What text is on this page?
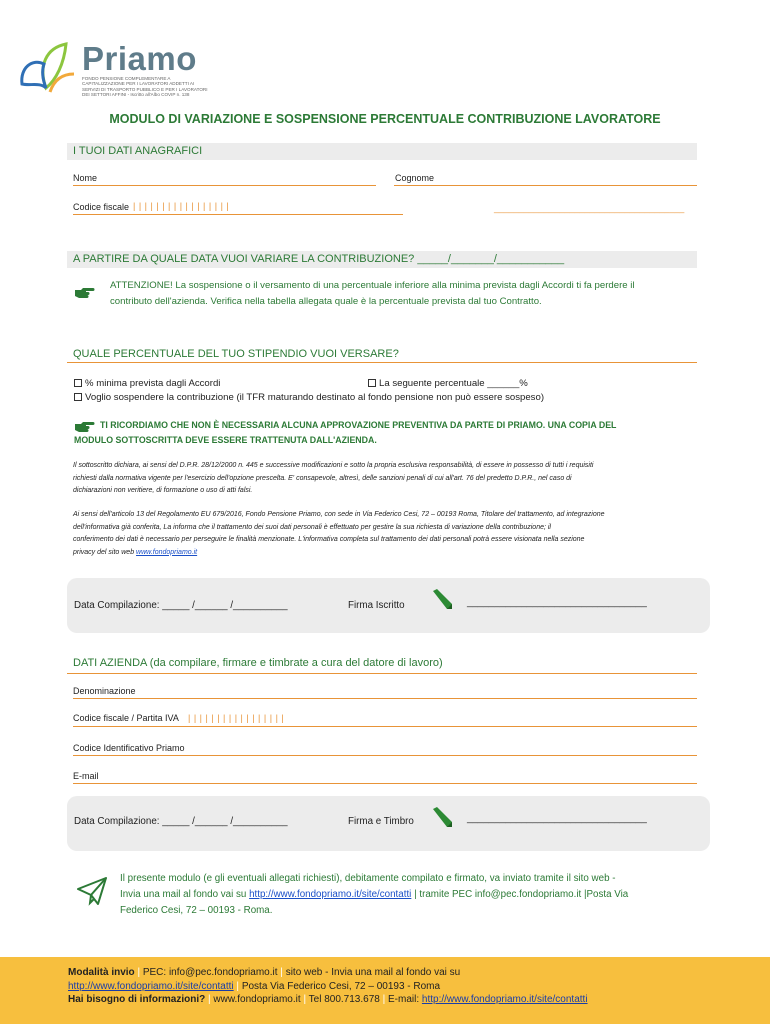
Priamo
FONDO PENSIONE COMPLEMENTARE A CAPITALIZZAZIONE PER I LAVORATORI ADDETTI AI SERVIZI DI TRASPORTO PUBBLICO E PER I LAVORATORI DEI SETTORI AFFINI - Iscritto all'Albo COVIP n. 138
MODULO DI VARIAZIONE E SOSPENSIONE PERCENTUALE CONTRIBUZIONE LAVORATORE
I TUOI DATI ANAGRAFICI
Nome	Cognome
Codice fiscale | | | | | | | | | | | | | | | | |	______________________________________
A PARTIRE DA QUALE DATA VUOI VARIARE LA CONTRIBUZIONE? _____/_______/___________
ATTENZIONE! La sospensione o il versamento di una percentuale inferiore alla minima prevista dagli Accordi ti fa perdere il
contributo dell'azienda. Verifica nella tabella allegata quale è la percentuale prevista dal tuo Contratto.
QUALE PERCENTUALE DEL TUO STIPENDIO VUOI VERSARE?
% minima prevista dagli Accordi	La seguente percentuale ______%
Voglio sospendere la contribuzione (il TFR maturando destinato al fondo pensione non può essere sospeso)
TI RICORDIAMO CHE NON È NECESSARIA ALCUNA APPROVAZIONE PREVENTIVA DA PARTE DI PRIAMO. UNA COPIA DEL
MODULO SOTTOSCRITTA DEVE ESSERE TRATTENUTA DALL'AZIENDA.
Il sottoscritto dichiara, ai sensi del D.P.R. 28/12/2000 n. 445 e successive modificazioni e sotto la propria esclusiva responsabilità, di essere in possesso di tutti i requisiti
richiesti dalla normativa vigente per l'esercizio dell'opzione prescelta. E' consapevole, altresì, delle sanzioni penali di cui all'art. 76 del predetto D.P.R., nel caso di
dichiarazioni non veritiere, di formazione o uso di atti falsi.
Ai sensi dell'articolo 13 del Regolamento EU 679/2016, Fondo Pensione Priamo, con sede in Via Federico Cesi, 72 – 00193 Roma, Titolare del trattamento, ad integrazione
dell'informativa già conferita, La informa che il trattamento dei suoi dati personali è effettuato per gestire la sua richiesta di variazione della contribuzione; il
conferimento dei dati è necessario per perseguire le finalità menzionate. L'informativa completa sul trattamento dei dati personali potrà essere visionata nella sezione
privacy del sito web www.fondopriamo.it
Data Compilazione: _____ /______ /__________	Firma Iscritto	_________________________________
DATI AZIENDA (da compilare, firmare e timbrate a cura del datore di lavoro)
Denominazione
Codice fiscale / Partita IVA | | | | | | | | | | | | | | | | |
Codice Identificativo Priamo
E-mail
Data Compilazione: _____ /______ /__________	Firma e Timbro	_________________________________
Il presente modulo (e gli eventuali allegati richiesti), debitamente compilato e firmato, va inviato tramite il sito web -
Invia una mail al fondo vai su http://www.fondopriamo.it/site/contatti | tramite PEC info@pec.fondopriamo.it |Posta Via
Federico Cesi, 72 – 00193 - Roma.
Modalità invio | PEC: info@pec.fondopriamo.it | sito web - Invia una mail al fondo vai su
http://www.fondopriamo.it/site/contatti | Posta Via Federico Cesi, 72 – 00193 - Roma
Hai bisogno di informazioni? | www.fondopriamo.it | Tel 800.713.678 | E-mail: http://www.fondopriamo.it/site/contatti
